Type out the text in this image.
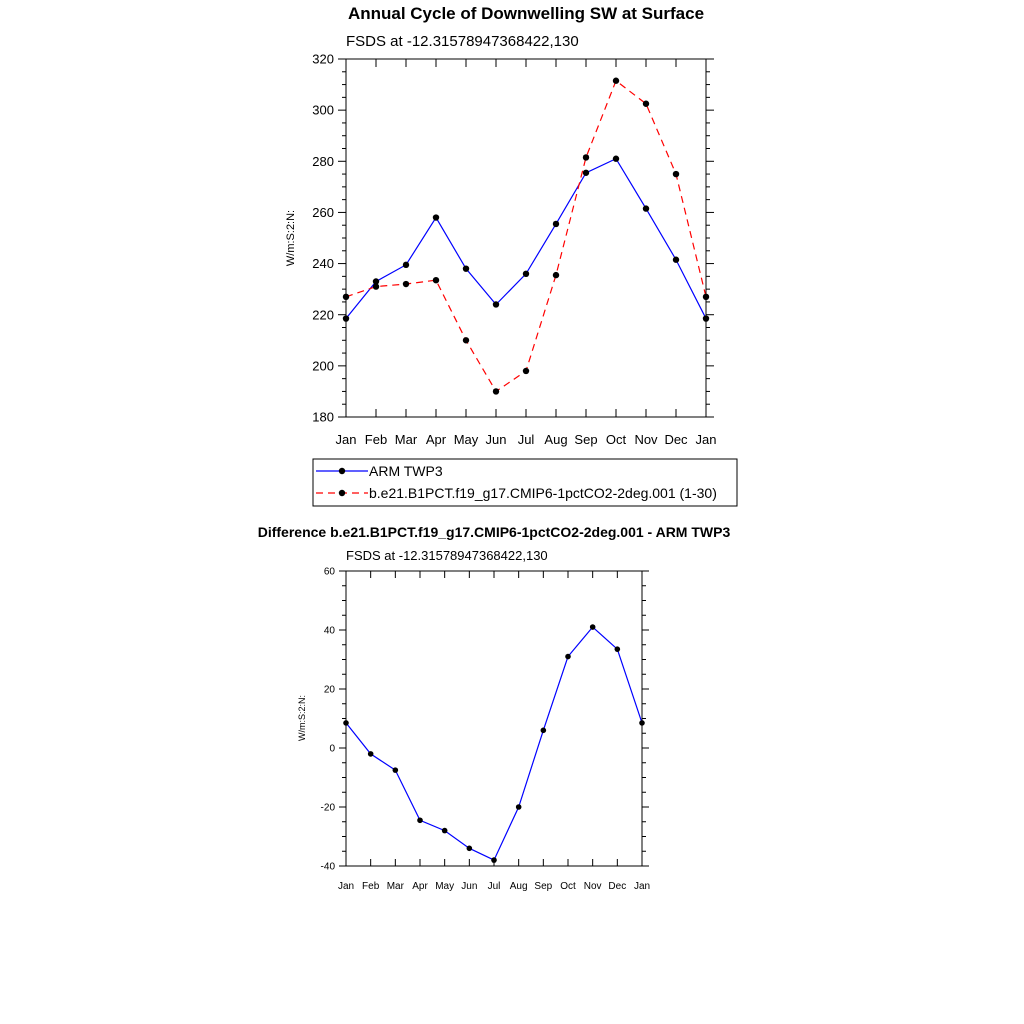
Annual Cycle of Downwelling SW at Surface
FSDS at -12.31578947368422,130
W/m:S:2:N:
Jan Feb Mar Apr May Jun Jul Aug Sep Oct Nov Dec Jan
180
200
220
240
260
280
300
320
ARM TWP3
b.e21.B1PCT.f19_g17.CMIP6-1pctCO2-2deg.001 (1-30)
Difference b.e21.B1PCT.f19_g17.CMIP6-1pctCO2-2deg.001 - ARM TWP3
FSDS at -12.31578947368422,130
W/m:S:2:N:
Jan Feb Mar Apr May Jun Jul Aug Sep Oct Nov Dec Jan
-40
-20
0
20
40
60
